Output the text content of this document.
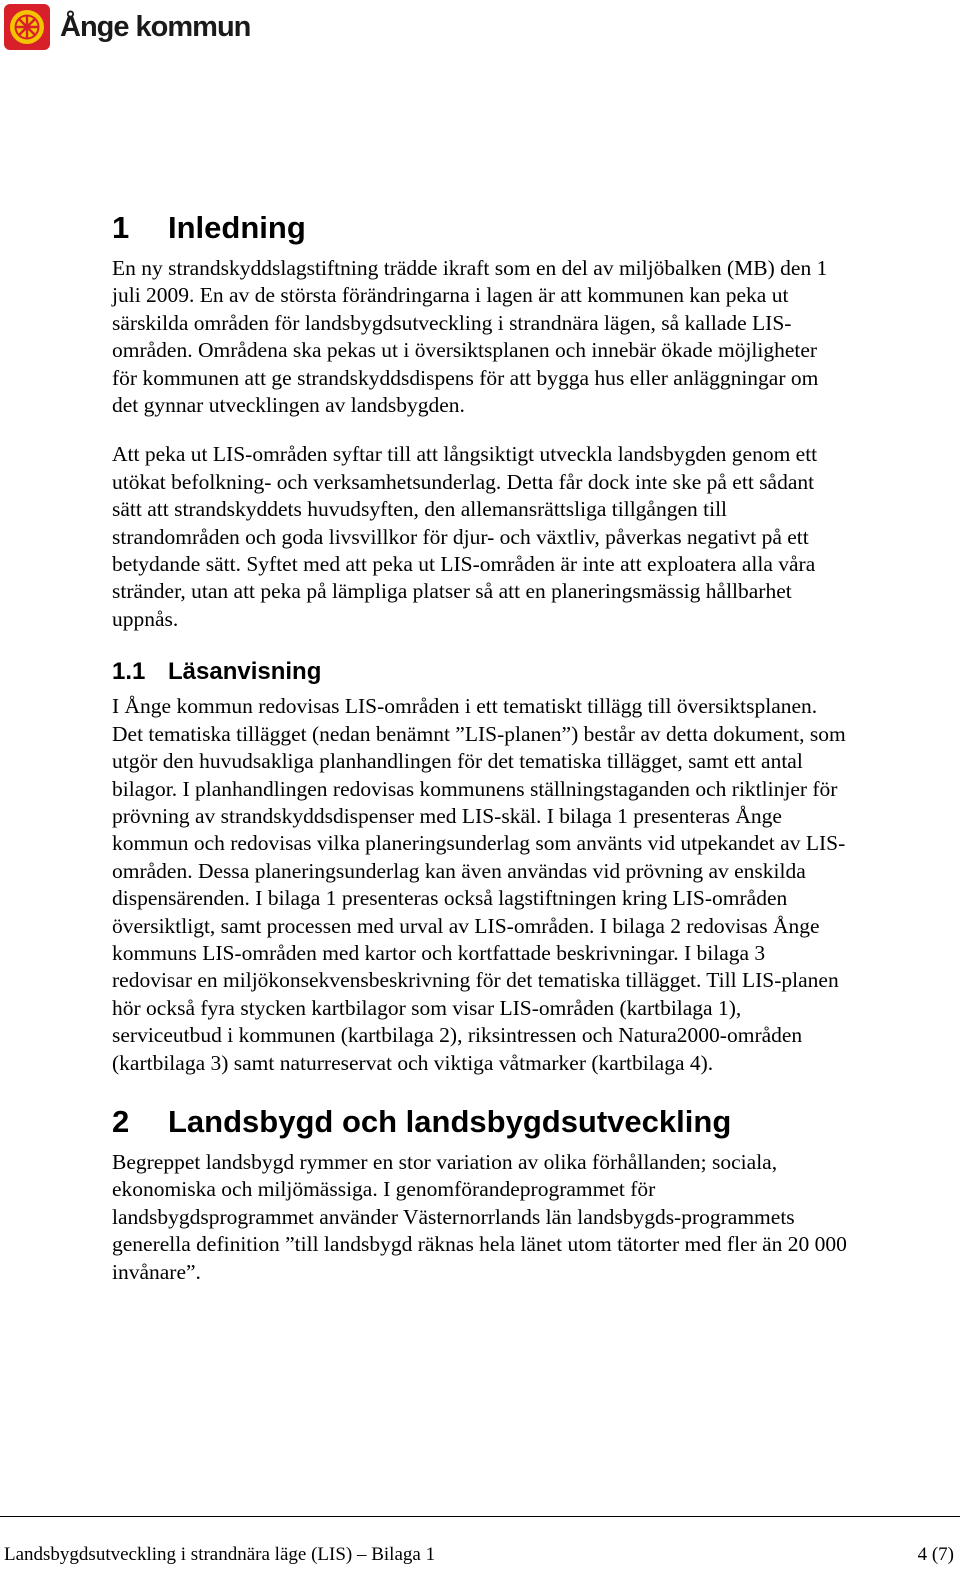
Ånge kommun
1 Inledning

En ny strandskyddslagstiftning trädde ikraft som en del av miljöbalken (MB) den 1 juli 2009. En av de största förändringarna i lagen är att kommunen kan peka ut särskilda områden för landsbygdsutveckling i strandnära lägen, så kallade LIS-områden. Områdena ska pekas ut i översiktsplanen och innebär ökade möjligheter för kommunen att ge strandskyddsdispens för att bygga hus eller anläggningar om det gynnar utvecklingen av landsbygden.

Att peka ut LIS-områden syftar till att långsiktigt utveckla landsbygden genom ett utökat befolkning- och verksamhetsunderlag. Detta får dock inte ske på ett sådant sätt att strandskyddets huvudsyften, den allemansrättsliga tillgången till strandområden och goda livsvillkor för djur- och växtliv, påverkas negativt på ett betydande sätt. Syftet med att peka ut LIS-områden är inte att exploatera alla våra stränder, utan att peka på lämpliga platser så att en planeringsmässig hållbarhet uppnås.

1.1 Läsanvisning

I Ånge kommun redovisas LIS-områden i ett tematiskt tillägg till översiktsplanen. Det tematiska tillägget (nedan benämnt ”LIS-planen”) består av detta dokument, som utgör den huvudsakliga planhandlingen för det tematiska tillägget, samt ett antal bilagor. I planhandlingen redovisas kommunens ställningstaganden och riktlinjer för prövning av strandskyddsdispenser med LIS-skäl. I bilaga 1 presenteras Ånge kommun och redovisas vilka planeringsunderlag som använts vid utpekandet av LIS-områden. Dessa planeringsunderlag kan även användas vid prövning av enskilda dispensärenden. I bilaga 1 presenteras också lagstiftningen kring LIS-områden översiktligt, samt processen med urval av LIS-områden. I bilaga 2 redovisas Ånge kommuns LIS-områden med kartor och kortfattade beskrivningar. I bilaga 3 redovisar en miljökonsekvensbeskrivning för det tematiska tillägget. Till LIS-planen hör också fyra stycken kartbilagor som visar LIS-områden (kartbilaga 1), serviceutbud i kommunen (kartbilaga 2), riksintressen och Natura2000-områden (kartbilaga 3) samt naturreservat och viktiga våtmarker (kartbilaga 4).

2 Landsbygd och landsbygdsutveckling

Begreppet landsbygd rymmer en stor variation av olika förhållanden; sociala, ekonomiska och miljömässiga. I genomförandeprogrammet för landsbygdsprogrammet använder Västernorrlands län landsbygds-programmets generella definition ”till landsbygd räknas hela länet utom tätorter med fler än 20 000 invånare”.

Landsbygdsutveckling i strandnära läge (LIS) – Bilaga 1	4 (7)
